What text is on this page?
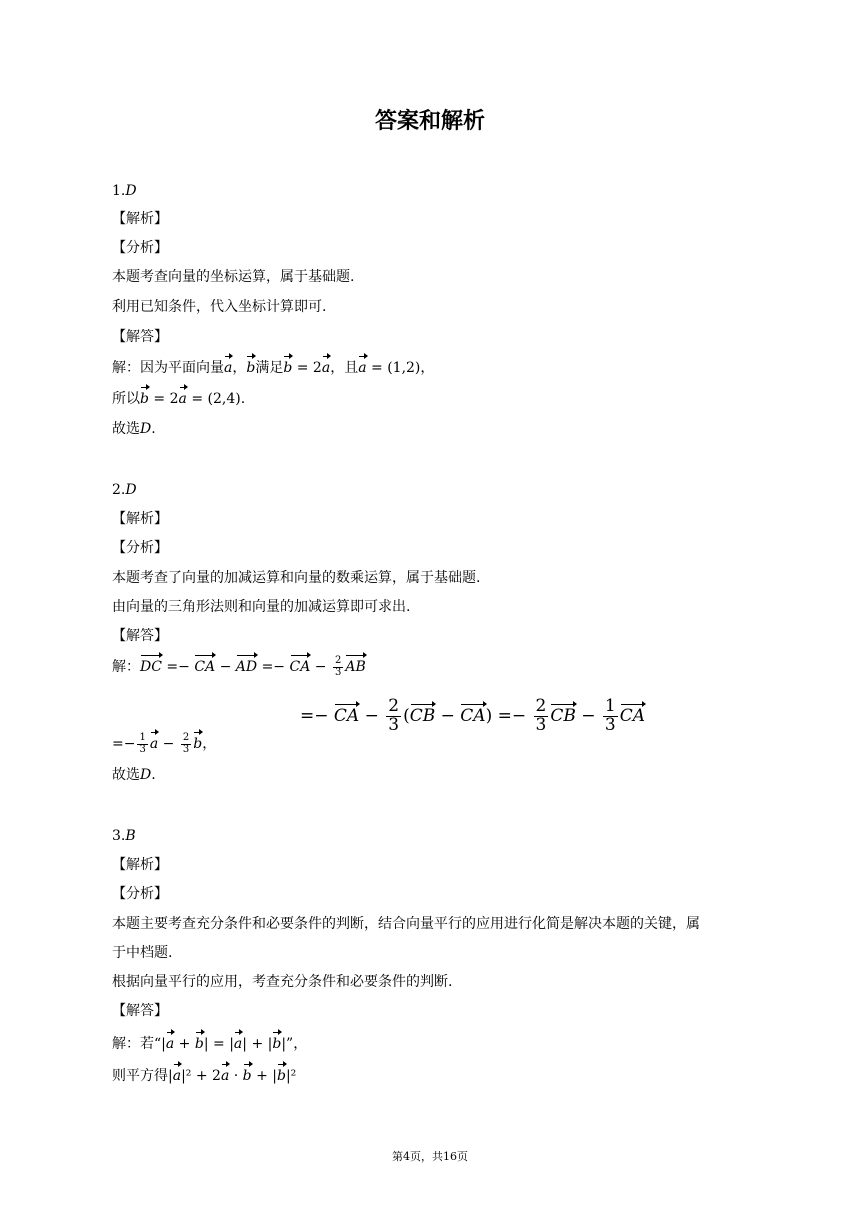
答案和解析
1.D
【解析】
【分析】
本题考查向量的坐标运算，属于基础题.
利用已知条件，代入坐标计算即可.
【解答】
解：因为平面向量a，b满足b = 2a，且a = (1,2)，
所以b = 2a = (2,4).
故选D.
2.D
【解析】
【分析】
本题考查了向量的加减运算和向量的数乘运算，属于基础题.
由向量的三角形法则和向量的加减运算即可求出.
【解答】
解：DC =− CA − AD =− CA − $\frac{2}{3}$ AB
=− CA − $\frac{2}{3} (CB - CA) =- \frac{2}{3}$ CB − $\frac{1}{3}$ CA
=− $\frac{1}{3}$ $a - \frac{2}{3}$ b，
故选D.
3.B
【解析】
【分析】
本题主要考查充分条件和必要条件的判断，结合向量平行的应用进行化简是解决本题的关键，属
于中档题.
根据向量平行的应用，考查充分条件和必要条件的判断.
【解答】
解：若“|a + b| = |a| + |b|”，
则平方得|a|² + 2a · b + |b|²
第4页，共16页
